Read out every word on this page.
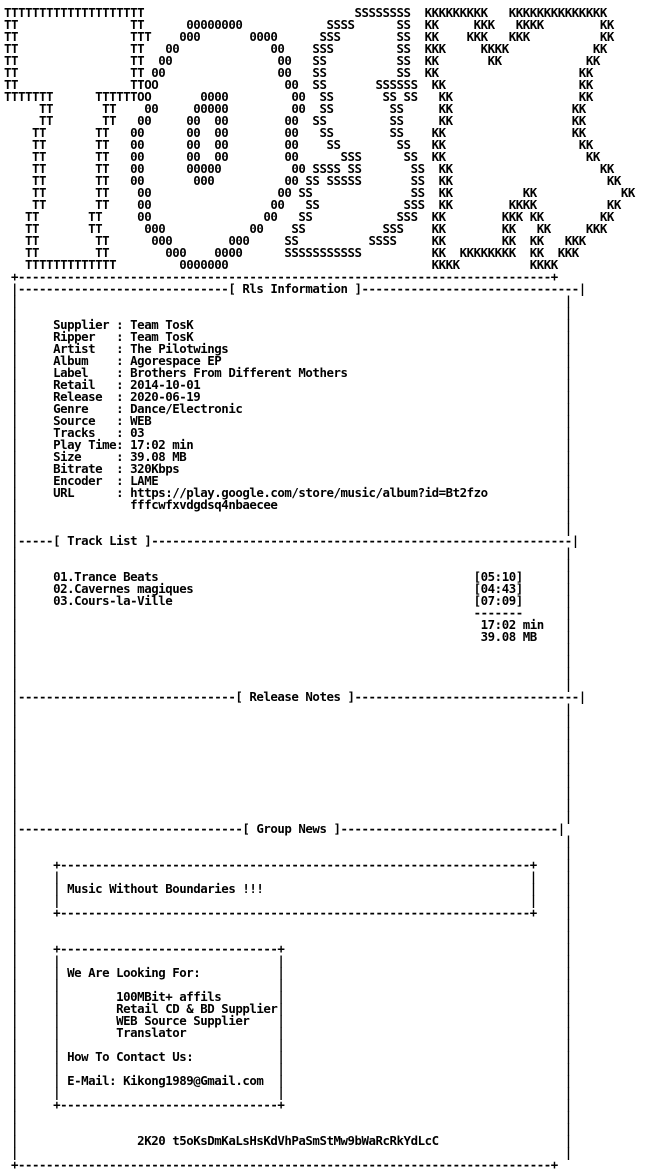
TTTTTTTTTTTTTTTTTTTT                              SSSSSSSS  KKKKKKKKK   KKKKKKKKKKKKKK
TT                TT      00000000            SSSS      SS  KK     KKK   KKKK        KK
TT                TTT    000       0000      SSS        SS  KK    KKK   KKK          KK
TT                TT   00             00    SSS         SS  KKK     KKKK            KK
TT                TT  00               00   SS          SS  KK       KK            KK
TT                TT 00                00   SS          SS  KK                    KK
TT                TTOO                  00  SS       SSSSSS  KK                   KK
TTTTTTT      TTTTTTOO       0000         00  SS       SS SS   KK                  KK
TT       TT    00     00000         00  SS        SS     KK                 KK
TT       TT   00     00  00        00  SS         SS     KK                 KK
TT       TT   00      00  00        00   SS        SS    KK                  KK
TT       TT   00      00  00        00    SS        SS   KK                   KK
TT       TT   00      00  00        00      SSS      SS  KK                    KK
TT       TT   00      00000          00 SSSS SS       SS  KK                     KK
TT       TT   00       000          00 SS SSSSS       SS  KK                      KK
TT       TT    00                  00 SS              SS  KK          KK            KK
TT       TT    00                 00   SS            SSS  KK        KKKK          KK
TT       TT     00                00   SS            SSS  KK        KKK KK        KK
TT       TT      000            00    SS           SSS    KK        KK   KK     KKK
TT        TT      000        000     SS          SSSS     KK        KK  KK   KKK
TT        TT        000    0000      SSSSSSSSSSS          KK  KKKKKKKK  KK  KKK
TTTTTTTTTTTTT         0000000                             KKKK          KKKK
+----------------------------------------------------------------------------+
|------------------------------[ Rls Information ]-------------------------------|
|                                                                              |
|                                                                              |
|     Supplier : Team TosK                                                     |
|     Ripper   : Team TosK                                                     |
|     Artist   : The Pilotwings                                                |
|     Album    : Agorespace EP                                                 |
|     Label    : Brothers From Different Mothers                               |
|     Retail   : 2014-10-01                                                    |
|     Release  : 2020-06-19                                                    |
|     Genre    : Dance/Electronic                                              |
|     Source   : WEB                                                           |
|     Tracks   : 03                                                            |
|     Play Time: 17:02 min                                                     |
|     Size     : 39.08 MB                                                      |
|     Bitrate  : 320Kbps                                                       |
|     Encoder  : LAME                                                          |
|     URL      : https://play.google.com/store/music/album?id=Bt2fzo           |
|                fffcwfxvdgdsq4nbaecee                                         |
|                                                                              |
|                                                                              |
|-----[ Track List ]------------------------------------------------------------|
|                                                                              |
|                                                                              |
|     01.Trance Beats                                             [05:10]      |
|     02.Cavernes magiques                                        [04:43]      |
|     03.Cours-la-Ville                                           [07:09]      |
|                                                                 -------      |
|                                                                  17:02 min   |
|                                                                  39.08 MB    |
|                                                                              |
|                                                                              |
|                                                                              |
|                                                                              |
|-------------------------------[ Release Notes ]--------------------------------|
|                                                                              |
|                                                                              |
|                                                                              |
|                                                                              |
|                                                                              |
|                                                                              |
|                                                                              |
|                                                                              |
|                                                                              |
|                                                                              |
|--------------------------------[ Group News ]-------------------------------|
|                                                                              |
|                                                                              |
|     +-------------------------------------------------------------------+    |
|     |                                                                   |    |
|     | Music Without Boundaries !!!                                      |    |
|     |                                                                   |    |
|     +-------------------------------------------------------------------+    |
|                                                                              |
|                                                                              |
|     +-------------------------------+                                        |
|     |                               |                                        |
|     | We Are Looking For:           |                                        |
|     |                               |                                        |
|     |        100MBit+ affils        |                                        |
|     |        Retail CD & BD Supplier|                                        |
|     |        WEB Source Supplier    |                                        |
|     |        Translator             |                                        |
|     |                               |                                        |
|     | How To Contact Us:            |                                        |
|     |                               |                                        |
|     | E-Mail: Kikong1989@Gmail.com  |                                        |
|     |                               |                                        |
|     +-------------------------------+                                        |
|                                                                              |
|                                                                              |
|                 2K20 t5oKsDmKaLsHsKdVhPaSmStMw9bWaRcRkYdLcC                  |
|                                                                              |
+----------------------------------------------------------------------------+
